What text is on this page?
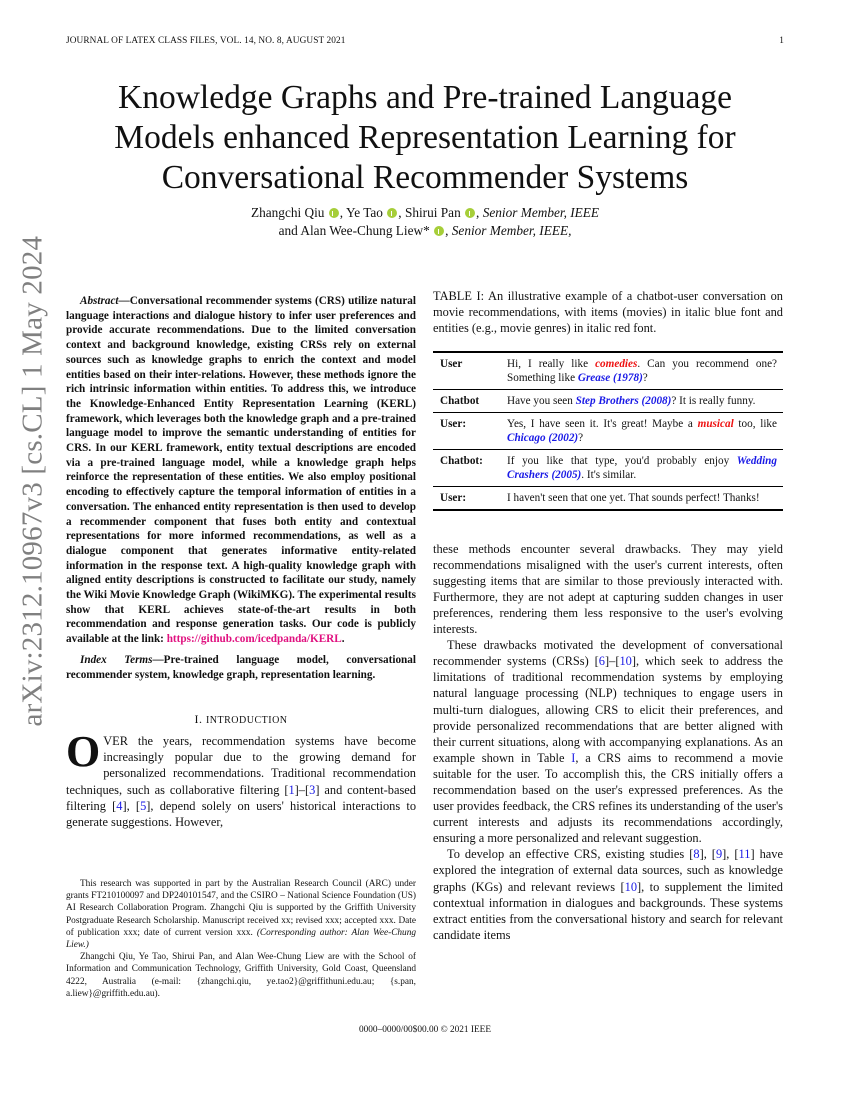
JOURNAL OF LATEX CLASS FILES, VOL. 14, NO. 8, AUGUST 2021	1
arXiv:2312.10967v3 [cs.CL] 1 May 2024
Knowledge Graphs and Pre-trained Language Models enhanced Representation Learning for Conversational Recommender Systems
Zhangchi Qiu , Ye Tao , Shirui Pan , Senior Member, IEEE
and Alan Wee-Chung Liew* , Senior Member, IEEE,

Abstract—Conversational recommender systems (CRS) utilize natural language interactions and dialogue history to infer user preferences and provide accurate recommendations. Due to the limited conversation context and background knowledge, existing CRSs rely on external sources such as knowledge graphs to enrich the context and model entities based on their inter-relations. However, these methods ignore the rich intrinsic information within entities. To address this, we introduce the Knowledge-Enhanced Entity Representation Learning (KERL) framework, which leverages both the knowledge graph and a pre-trained language model to improve the semantic understanding of entities for CRS. In our KERL framework, entity textual descriptions are encoded via a pre-trained language model, while a knowledge graph helps reinforce the representation of these entities. We also employ positional encoding to effectively capture the temporal information of entities in a conversation. The enhanced entity representation is then used to develop a recommender component that fuses both entity and contextual representations for more informed recommendations, as well as a dialogue component that generates informative entity-related information in the response text. A high-quality knowledge graph with aligned entity descriptions is constructed to facilitate our study, namely the Wiki Movie Knowledge Graph (WikiMKG). The experimental results show that KERL achieves state-of-the-art results in both recommendation and response generation tasks. Our code is publicly available at the link: https://github.com/icedpanda/KERL.

Index Terms—Pre-trained language model, conversational recommender system, knowledge graph, representation learning.

I. INTRODUCTION

OVER the years, recommendation systems have become increasingly popular due to the growing demand for personalized recommendations. Traditional recommendation techniques, such as collaborative filtering [1]–[3] and content-based filtering [4], [5], depend solely on users' historical interactions to generate suggestions. However,

This research was supported in part by the Australian Research Council (ARC) under grants FT210100097 and DP240101547, and the CSIRO – National Science Foundation (US) AI Research Collaboration Program. Zhangchi Qiu is supported by the Griffith University Postgraduate Research Scholarship. Manuscript received xx; revised xxx; accepted xxx. Date of publication xxx; date of current version xxx. (Corresponding author: Alan Wee-Chung Liew.)

Zhangchi Qiu, Ye Tao, Shirui Pan, and Alan Wee-Chung Liew are with the School of Information and Communication Technology, Griffith University, Gold Coast, Queensland 4222, Australia (e-mail: {zhangchi.qiu, ye.tao2}@griffithuni.edu.au; {s.pan, a.liew}@griffith.edu.au).

TABLE I: An illustrative example of a chatbot-user conversation on movie recommendations, with items (movies) in italic blue font and entities (e.g., movie genres) in italic red font.

User	Hi, I really like comedies. Can you recommend one? Something like Grease (1978)?
Chatbot	Have you seen Step Brothers (2008)? It is really funny.
User:	Yes, I have seen it. It's great! Maybe a musical too, like Chicago (2002)?
Chatbot:	If you like that type, you'd probably enjoy Wedding Crashers (2005). It's similar.
User:	I haven't seen that one yet. That sounds perfect! Thanks!

these methods encounter several drawbacks. They may yield recommendations misaligned with the user's current interests, often suggesting items that are similar to those previously interacted with. Furthermore, they are not adept at capturing sudden changes in user preferences, rendering them less responsive to the user's evolving interests.

These drawbacks motivated the development of conversational recommender systems (CRSs) [6]–[10], which seek to address the limitations of traditional recommendation systems by employing natural language processing (NLP) techniques to engage users in multi-turn dialogues, allowing CRS to elicit their preferences, and provide personalized recommendations that are better aligned with their current situations, along with accompanying explanations. As an example shown in Table I, a CRS aims to recommend a movie suitable for the user. To accomplish this, the CRS initially offers a recommendation based on the user's expressed preferences. As the user provides feedback, the CRS refines its understanding of the user's current interests and adjusts its recommendations accordingly, ensuring a more personalized and relevant suggestion.

To develop an effective CRS, existing studies [8], [9], [11] have explored the integration of external data sources, such as knowledge graphs (KGs) and relevant reviews [10], to supplement the limited contextual information in dialogues and backgrounds. These systems extract entities from the conversational history and search for relevant candidate items

0000–0000/00$00.00 © 2021 IEEE
